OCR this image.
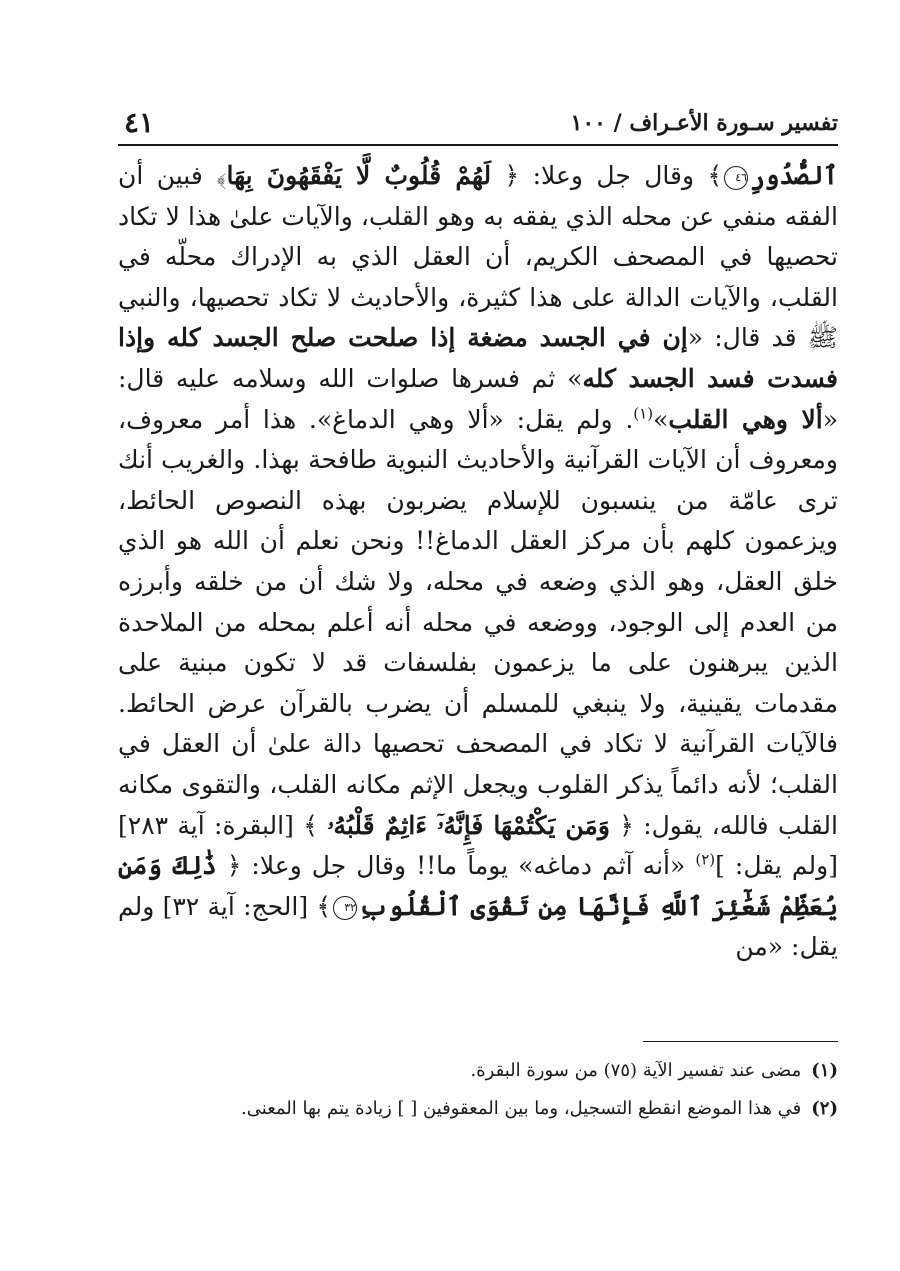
تفسير سـورة الأعـراف / ١٠٠
٤١

ٱلصُّدُورِ٤٦﴾ وقال جل وعلا: ﴿ لَهُمْ قُلُوبٌ لَّا يَفْقَهُونَ بِهَا﴾ فبين أن الفقه منفي عن محله الذي يفقه به وهو القلب، والآيات علىٰ هذا لا تكاد تحصيها في المصحف الكريم، أن العقل الذي به الإدراك محلّه في القلب، والآيات الدالة على هذا كثيرة، والأحاديث لا تكاد تحصيها، والنبي ﷺ قد قال: «إن في الجسد مضغة إذا صلحت صلح الجسد كله وإذا فسدت فسد الجسد كله» ثم فسرها صلوات الله وسلامه عليه قال: «ألا وهي القلب»$^{(١)}$. ولم يقل: «ألا وهي الدماغ». هذا أمر معروف، ومعروف أن الآيات القرآنية والأحاديث النبوية طافحة بهذا. والغريب أنك ترى عامّة من ينسبون للإسلام يضربون بهذه النصوص الحائط، ويزعمون كلهم بأن مركز العقل الدماغ!! ونحن نعلم أن الله هو الذي خلق العقل، وهو الذي وضعه في محله، ولا شك أن من خلقه وأبرزه من العدم إلى الوجود، ووضعه في محله أنه أعلم بمحله من الملاحدة الذين يبرهنون على ما يزعمون بفلسفات قد لا تكون مبنية على مقدمات يقينية، ولا ينبغي للمسلم أن يضرب بالقرآن عرض الحائط. فالآيات القرآنية لا تكاد في المصحف تحصيها دالة علىٰ أن العقل في القلب؛ لأنه دائماً يذكر القلوب ويجعل الإثم مكانه القلب، والتقوى مكانه القلب فالله، يقول: ﴿ وَمَن يَكْتُمْهَا فَإِنَّهُۥٓ ءَاثِمٌ قَلْبُهُۥ ﴾ [البقرة: آية ٢٨٣] [ولم يقل: ]$^{(٢)}$ «أنه آثم دماغه» يوماً ما!! وقال جل وعلا: ﴿ ذَٰلِكَ وَمَن يُعَظِّمْ شَعَٰٓئِرَ ٱللَّهِ فَإِنَّهَا مِن تَقْوَى ٱلْقُلُوبِ٣٢﴾ [الحج: آية ٣٢] ولم يقل: «من

(١)مضى عند تفسير الآية (٧٥) من سورة البقرة.
(٢)في هذا الموضع انقطع التسجيل، وما بين المعقوفين [ ] زيادة يتم بها المعنى.
